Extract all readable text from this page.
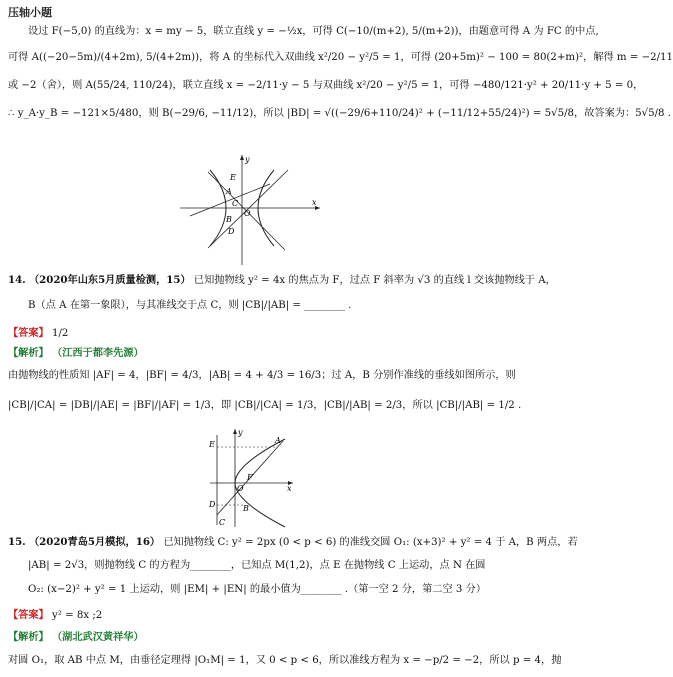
压轴小题
设过 F(−5,0) 的直线为：x = my − 5，联立直线 y = −½x，可得 C(−10/(m+2), 5/(m+2))，由题意可得 A 为 FC 的中点,
可得 A((−20−5m)/(4+2m), 5/(4+2m))，将 A 的坐标代入双曲线 x²/20 − y²/5 = 1，可得 (20+5m)² − 100 = 80(2+m)²，解得 m = −2/11
或 −2（舍），则 A(55/24, 110/24)，联立直线 x = −2/11·y − 5 与双曲线 x²/20 − y²/5 = 1，可得 −480/121·y² + 20/11·y + 5 = 0，
∴ y_A·y_B = −121×5/480，则 B(−29/6, −11/12)，所以 |BD| = √((−29/6+110/24)² + (−11/12+55/24)²) = 5√5/8，故答案为：5√5/8 .
y
E
A
C
O
x
B
D
14. （2020年山东5月质量检测，15） 已知抛物线 y² = 4x 的焦点为 F，过点 F 斜率为 √3 的直线 l 交该抛物线于 A，
B（点 A 在第一象限），与其准线交于点 C，则 |CB|/|AB| = ________ .
【答案】 1/2
【解析】 （江西于都李先源）
由抛物线的性质知 |AF| = 4，|BF| = 4/3，|AB| = 4 + 4/3 = 16/3；过 A，B 分别作准线的垂线如图所示，则
|CB|/|CA| = |DB|/|AE| = |BF|/|AF| = 1/3，即 |CB|/|CA| = 1/3，|CB|/|AB| = 2/3，所以 |CB|/|AB| = 1/2 .
y
E	A
O
F
x
D	B
C
15. （2020青岛5月模拟，16） 已知抛物线 C: y² = 2px (0 < p < 6) 的准线交圆 O₁: (x+3)² + y² = 4 于 A，B 两点，若
|AB| = 2√3，则抛物线 C 的方程为________，已知点 M(1,2)，点 E 在抛物线 C 上运动，点 N 在圆
O₂: (x−2)² + y² = 1 上运动，则 |EM| + |EN| 的最小值为________ .（第一空 2 分，第二空 3 分）
【答案】 y² = 8x ;2
【解析】 （湖北武汉黄祥华）
对圆 O₁，取 AB 中点 M，由垂径定理得 |O₁M| = 1，又 0 < p < 6，所以准线方程为 x = −p/2 = −2，所以 p = 4，抛
